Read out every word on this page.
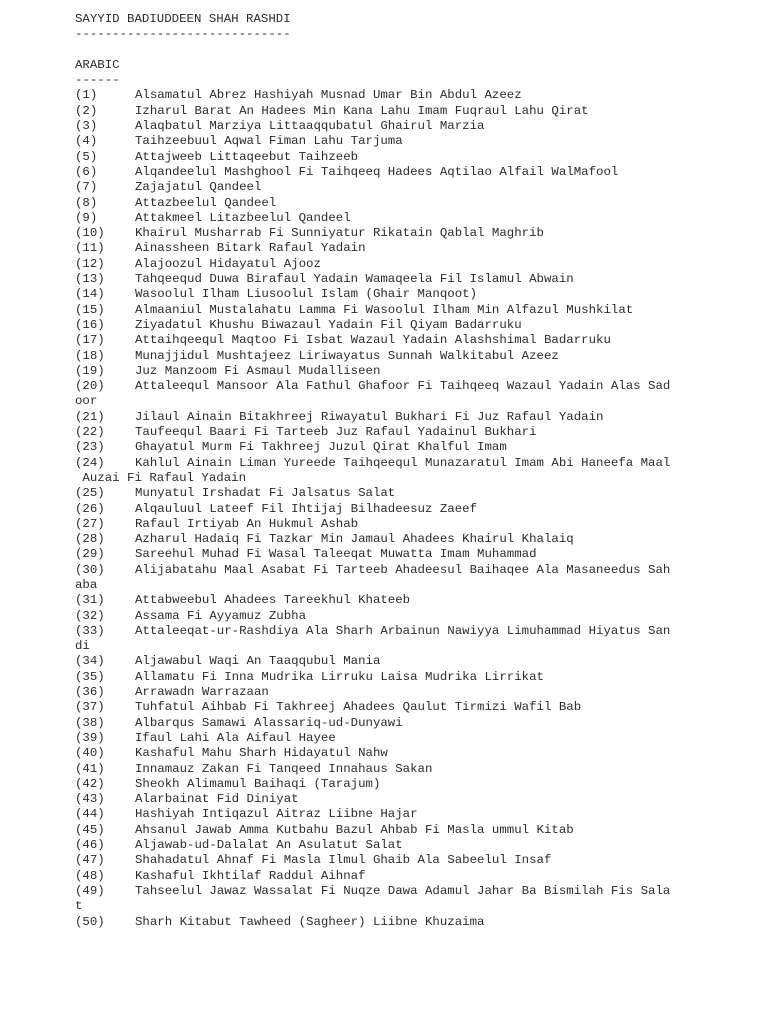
SAYYID BADIUDDEEN SHAH RASHDI
-----------------------------
ARABIC
------
(1)	Alsamatul Abrez Hashiyah Musnad Umar Bin Abdul Azeez
(2)	Izharul Barat An Hadees Min Kana Lahu Imam Fuqraul Lahu Qirat
(3)	Alaqbatul Marziya Littaaqqubatul Ghairul Marzia
(4)	Taihzeebuul Aqwal Fiman Lahu Tarjuma
(5)	Attajweeb Littaqeebut Taihzeeb
(6)	Alqandeelul Mashghool Fi Taihqeeq Hadees Aqtilao Alfail WalMafool
(7)	Zajajatul Qandeel
(8)	Attazbeelul Qandeel
(9)	Attakmeel Litazbeelul Qandeel
(10) Khairul Musharrab Fi Sunniyatur Rikatain Qablal Maghrib
(11) Ainassheen Bitark Rafaul Yadain
(12) Alajoozul Hidayatul Ajooz
(13) Tahqeequd Duwa Birafaul Yadain Wamaqeela Fil Islamul Abwain
(14) Wasoolul Ilham Liusoolul Islam (Ghair Manqoot)
(15) Almaaniul Mustalahatu Lamma Fi Wasoolul Ilham Min Alfazul Mushkilat
(16) Ziyadatul Khushu Biwazaul Yadain Fil Qiyam Badarruku
(17) Attaihqeequl Maqtoo Fi Isbat Wazaul Yadain Alashshimal Badarruku
(18) Munajjidul Mushtajeez Liriwayatus Sunnah Walkitabul Azeez
(19) Juz Manzoom Fi Asmaul Mudalliseen
(20) Attaleequl Mansoor Ala Fathul Ghafoor Fi Taihqeeq Wazaul Yadain Alas Sad
oor
(21) Jilaul Ainain Bitakhreej Riwayatul Bukhari Fi Juz Rafaul Yadain
(22) Taufeequl Baari Fi Tarteeb Juz Rafaul Yadainul Bukhari
(23) Ghayatul Murm Fi Takhreej Juzul Qirat Khalful Imam
(24) Kahlul Ainain Liman Yureede Taihqeequl Munazaratul Imam Abi Haneefa Maal
Auzai Fi Rafaul Yadain
(25) Munyatul Irshadat Fi Jalsatus Salat
(26) Alqauluul Lateef Fil Ihtijaj Bilhadeesuz Zaeef
(27) Rafaul Irtiyab An Hukmul Ashab
(28) Azharul Hadaiq Fi Tazkar Min Jamaul Ahadees Khairul Khalaiq
(29) Sareehul Muhad Fi Wasal Taleeqat Muwatta Imam Muhammad
(30) Alijabatahu Maal Asabat Fi Tarteeb Ahadeesul Baihaqee Ala Masaneedus Sah
aba
(31) Attabweebul Ahadees Tareekhul Khateeb
(32) Assama Fi Ayyamuz Zubha
(33) Attaleeqat-ur-Rashdiya Ala Sharh Arbainun Nawiyya Limuhammad Hiyatus San
di
(34) Aljawabul Waqi An Taaqqubul Mania
(35) Allamatu Fi Inna Mudrika Lirruku Laisa Mudrika Lirrikat
(36) Arrawadn Warrazaan
(37) Tuhfatul Aihbab Fi Takhreej Ahadees Qaulut Tirmizi Wafil Bab
(38) Albarqus Samawi Alassariq-ud-Dunyawi
(39) Ifaul Lahi Ala Aifaul Hayee
(40) Kashaful Mahu Sharh Hidayatul Nahw
(41) Innamauz Zakan Fi Tanqeed Innahaus Sakan
(42) Sheokh Alimamul Baihaqi (Tarajum)
(43) Alarbainat Fid Diniyat
(44) Hashiyah Intiqazul Aitraz Liibne Hajar
(45) Ahsanul Jawab Amma Kutbahu Bazul Ahbab Fi Masla ummul Kitab
(46) Aljawab-ud-Dalalat An Asulatut Salat
(47) Shahadatul Ahnaf Fi Masla Ilmul Ghaib Ala Sabeelul Insaf
(48) Kashaful Ikhtilaf Raddul Aihnaf
(49) Tahseelul Jawaz Wassalat Fi Nuqze Dawa Adamul Jahar Ba Bismilah Fis Sala
t
(50) Sharh Kitabut Tawheed (Sagheer) Liibne Khuzaima
